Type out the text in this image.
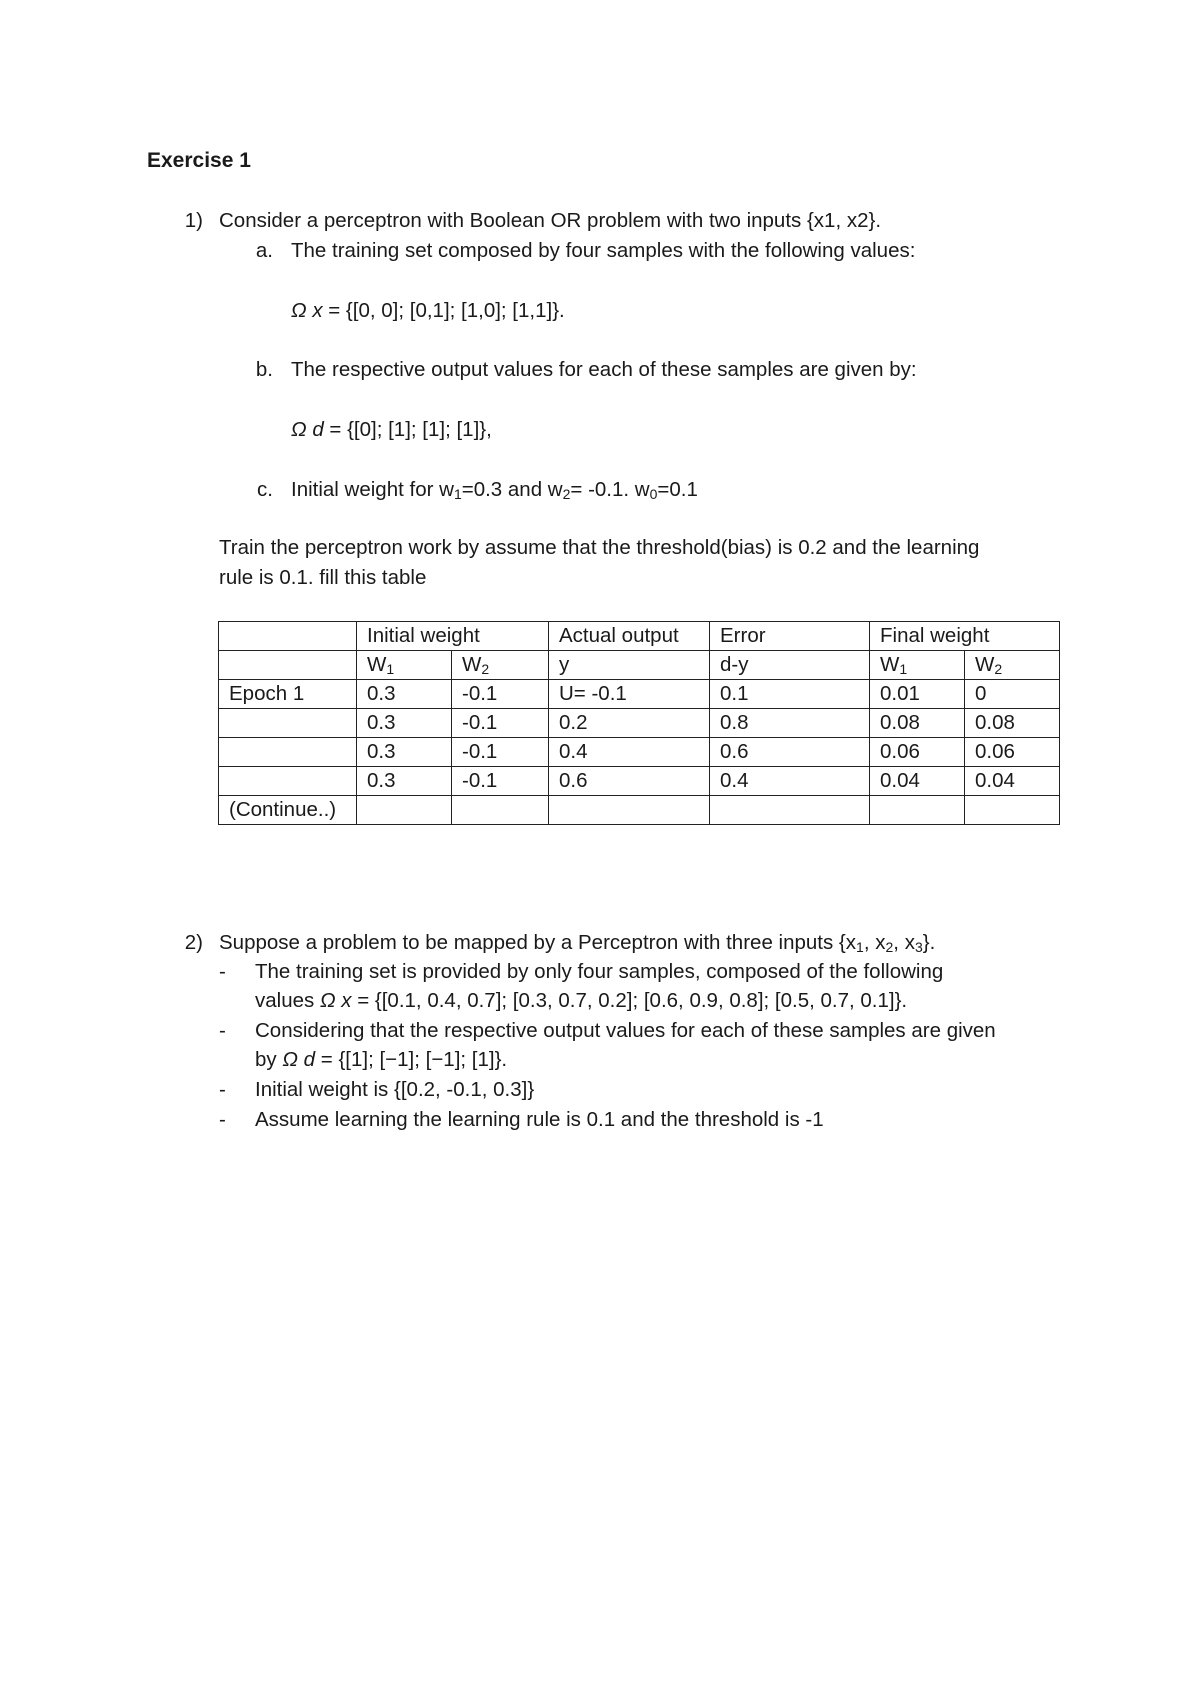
Exercise 1
1) Consider a perceptron with Boolean OR problem with two inputs {x1, x2}.
a. The training set composed by four samples with the following values:
Ω x = {[0, 0]; [0,1]; [1,0]; [1,1]}.
b. The respective output values for each of these samples are given by:
Ω d = {[0]; [1]; [1]; [1]},
c. Initial weight for $w_1=0.3$ and $w_2= -0.1$. $w_0=0.1$
Train the perceptron work by assume that the threshold(bias) is 0.2 and the learning
rule is 0.1. fill this table
	Initial weight		Actual output	Error	Final weight	
	$W_1$	$W_2$	y	d-y	$W_1$	$W_2$
Epoch 1	0.3	-0.1	U= -0.1	0.1	0.01	0
	0.3	-0.1	0.2	0.8	0.08	0.08
	0.3	-0.1	0.4	0.6	0.06	0.06
	0.3	-0.1	0.6	0.4	0.04	0.04
(Continue..)						
2) Suppose a problem to be mapped by a Perceptron with three inputs {$x_1$, $x_2$, $x_3$}.
- The training set is provided by only four samples, composed of the following
values Ω x = {[0.1, 0.4, 0.7]; [0.3, 0.7, 0.2]; [0.6, 0.9, 0.8]; [0.5, 0.7, 0.1]}.
- Considering that the respective output values for each of these samples are given
by Ω d = {[1]; [−1]; [−1]; [1]}.
- Initial weight is {[0.2, -0.1, 0.3]}
- Assume learning the learning rule is 0.1 and the threshold is -1
